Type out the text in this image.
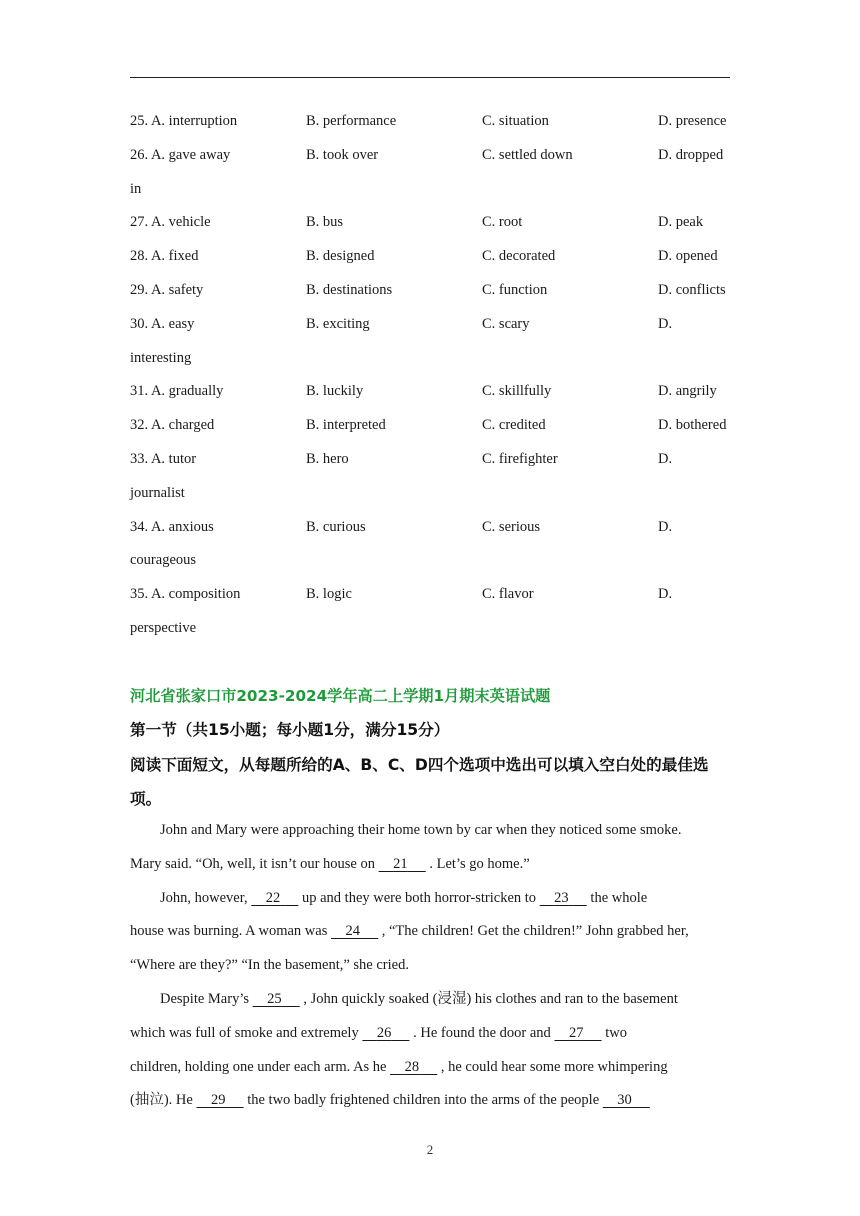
25. A. interruption	B. performance	C. situation	D. presence
26. A. gave away	B. took over	C. settled down	D. dropped
in
27. A. vehicle	B. bus	C. root	D. peak
28. A. fixed	B. designed	C. decorated	D. opened
29. A. safety	B. destinations	C. function	D. conflicts
30. A. easy	B. exciting	C. scary	D.
interesting
31. A. gradually	B. luckily	C. skillfully	D. angrily
32. A. charged	B. interpreted	C. credited	D. bothered
33. A. tutor	B. hero	C. firefighter	D.
journalist
34. A. anxious	B. curious	C. serious	D.
courageous
35. A. composition	B. logic	C. flavor	D.
perspective
河北省张家口市2023-2024学年高二上学期1月期末英语试题
第一节（共15小题；每小题1分，满分15分）
阅读下面短文，从每题所给的A、B、C、D四个选项中选出可以填入空白处的最佳选项。
John and Mary were approaching their home town by car when they noticed some smoke.
Mary said. “Oh, well, it isn’t our house on     21      . Let’s go home.”
John, however,     22      up and they were both horror-stricken to     23      the whole
house was burning. A woman was     24      , “The children! Get the children!” John grabbed her,
“Where are they?” “In the basement,” she cried.
Despite Mary’s     25      , John quickly soaked (浸湿) his clothes and ran to the basement
which was full of smoke and extremely     26      . He found the door and     27      two
children, holding one under each arm. As he     28      , he could hear some more whimpering
(抽泣). He     29      the two badly frightened children into the arms of the people     30
2
